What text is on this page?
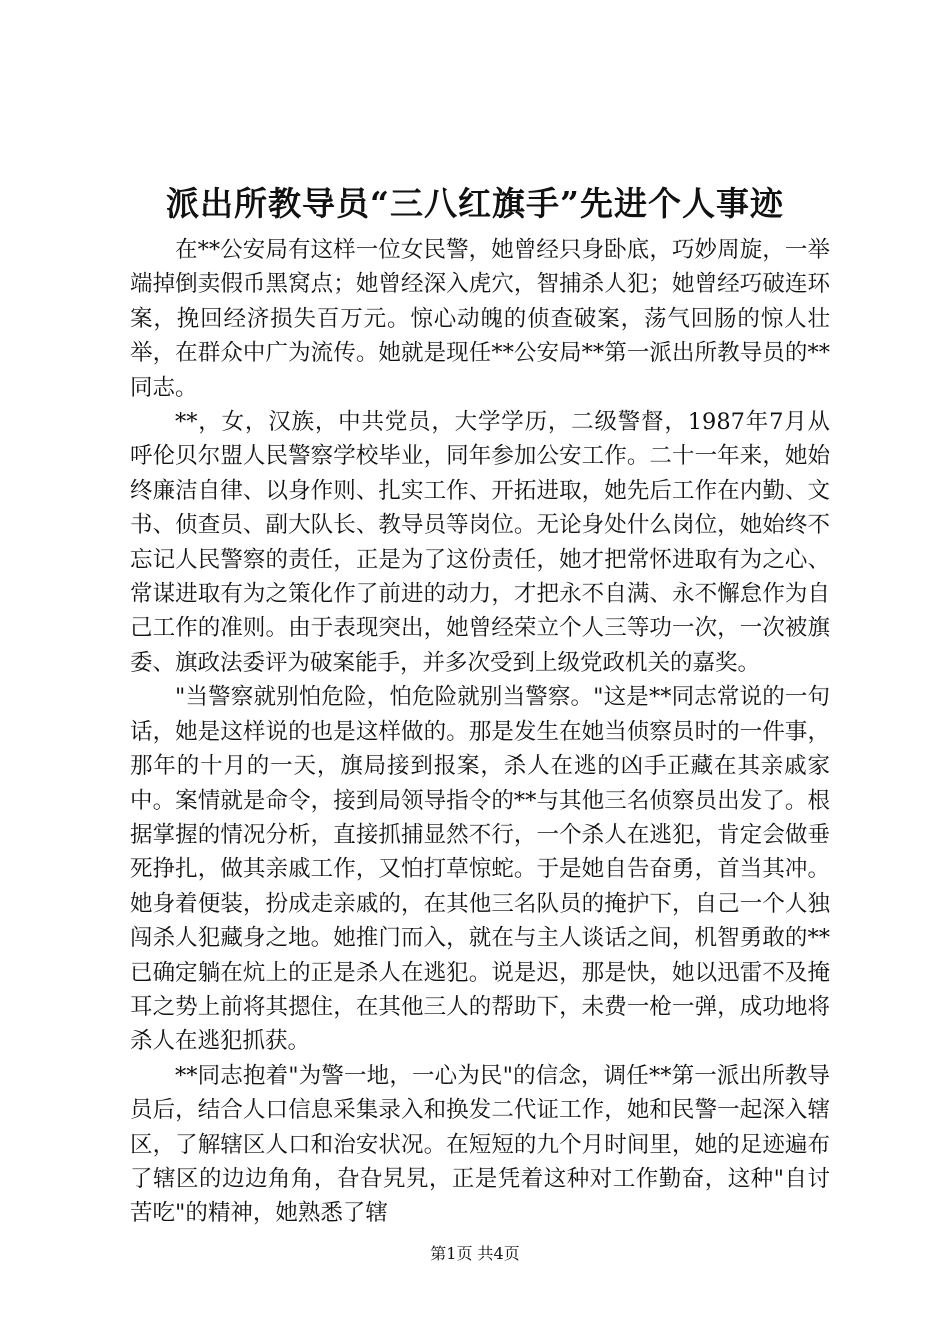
派出所教导员“三八红旗手”先进个人事迹

在**公安局有这样一位女民警，她曾经只身卧底，巧妙周旋，一举端掉倒卖假币黑窝点；她曾经深入虎穴，智捕杀人犯；她曾经巧破连环案，挽回经济损失百万元。惊心动魄的侦查破案，荡气回肠的惊人壮举，在群众中广为流传。她就是现任**公安局**第一派出所教导员的**同志。

**，女，汉族，中共党员，大学学历，二级警督，1987年7月从呼伦贝尔盟人民警察学校毕业，同年参加公安工作。二十一年来，她始终廉洁自律、以身作则、扎实工作、开拓进取，她先后工作在内勤、文书、侦查员、副大队长、教导员等岗位。无论身处什么岗位，她始终不忘记人民警察的责任，正是为了这份责任，她才把常怀进取有为之心、常谋进取有为之策化作了前进的动力，才把永不自满、永不懈怠作为自己工作的准则。由于表现突出，她曾经荣立个人三等功一次，一次被旗委、旗政法委评为破案能手，并多次受到上级党政机关的嘉奖。

"当警察就别怕危险，怕危险就别当警察。"这是**同志常说的一句话，她是这样说的也是这样做的。那是发生在她当侦察员时的一件事，那年的十月的一天，旗局接到报案，杀人在逃的凶手正藏在其亲戚家中。案情就是命令，接到局领导指令的**与其他三名侦察员出发了。根据掌握的情况分析，直接抓捕显然不行，一个杀人在逃犯，肯定会做垂死挣扎，做其亲戚工作，又怕打草惊蛇。于是她自告奋勇，首当其冲。她身着便装，扮成走亲戚的，在其他三名队员的掩护下，自己一个人独闯杀人犯藏身之地。她推门而入，就在与主人谈话之间，机智勇敢的**已确定躺在炕上的正是杀人在逃犯。说是迟，那是快，她以迅雷不及掩耳之势上前将其摁住，在其他三人的帮助下，未费一枪一弹，成功地将杀人在逃犯抓获。

**同志抱着"为警一地，一心为民"的信念，调任**第一派出所教导员后，结合人口信息采集录入和换发二代证工作，她和民警一起深入辖区，了解辖区人口和治安状况。在短短的九个月时间里，她的足迹遍布了辖区的边边角角，旮旮旯旯，正是凭着这种对工作勤奋，这种"自讨苦吃"的精神，她熟悉了辖

第1页 共4页
